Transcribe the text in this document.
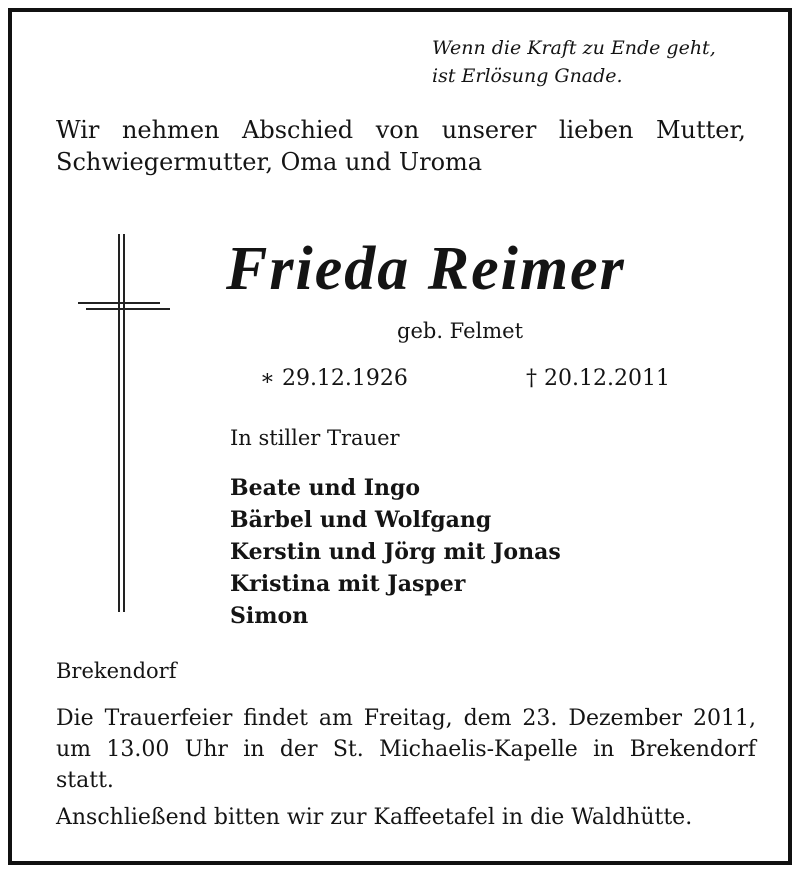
Wenn die Kraft zu Ende geht,
ist Erlösung Gnade.
Wir nehmen Abschied von unserer lieben Mutter,
Schwiegermutter, Oma und Uroma
Frieda Reimer
geb. Felmet
∗ 29.12.1926	† 20.12.2011
In stiller Trauer
Beate und Ingo
Bärbel und Wolfgang
Kerstin und Jörg mit Jonas
Kristina mit Jasper
Simon
Brekendorf
Die Trauerfeier findet am Freitag, dem 23. Dezember 2011,
um 13.00 Uhr in der St. Michaelis-Kapelle in Brekendorf
statt.
Anschließend bitten wir zur Kaffeetafel in die Waldhütte.
